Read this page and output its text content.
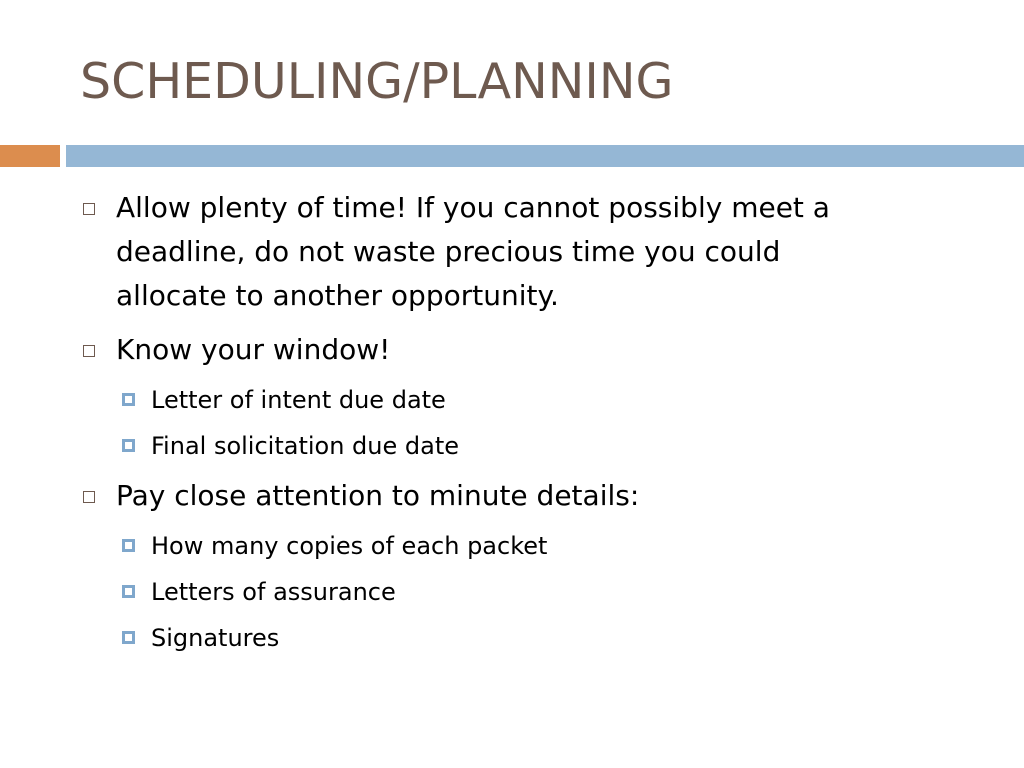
SCHEDULING/PLANNING
Allow plenty of time! If you cannot possibly meet a
deadline, do not waste precious time you could
allocate to another opportunity.
Know your window!
Letter of intent due date
Final solicitation due date
Pay close attention to minute details:
How many copies of each packet
Letters of assurance
Signatures
